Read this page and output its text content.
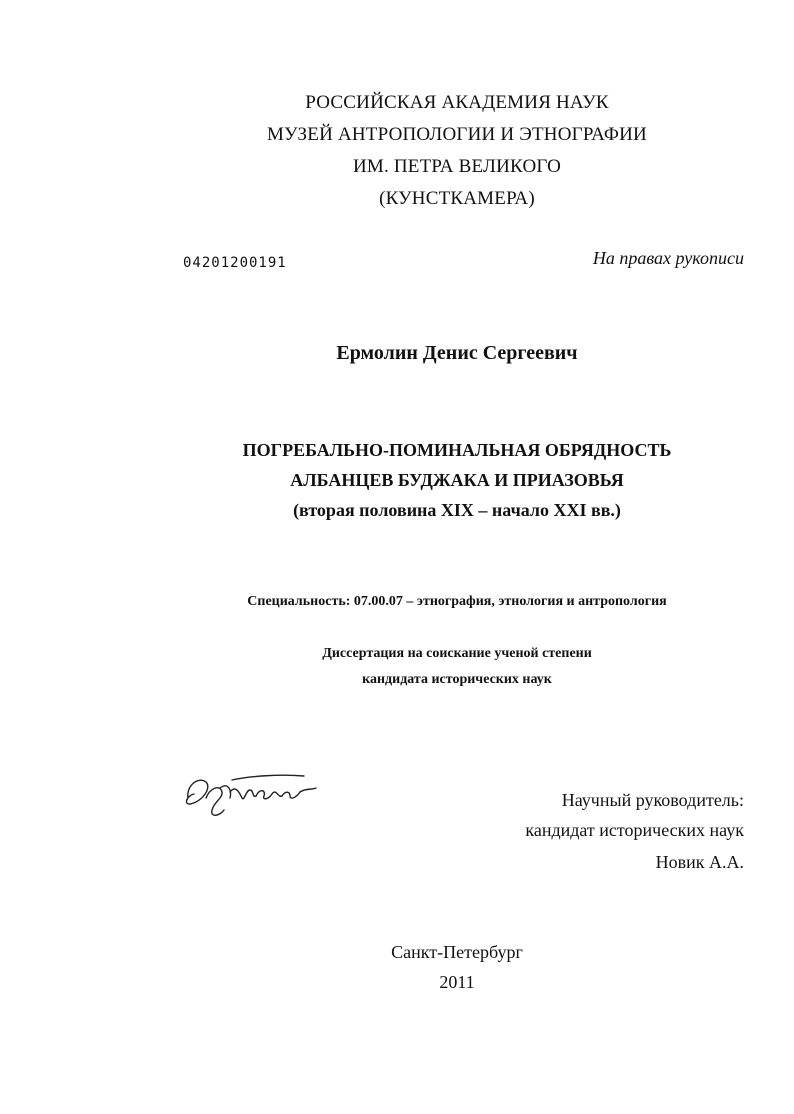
РОССИЙСКАЯ АКАДЕМИЯ НАУК
МУЗЕЙ АНТРОПОЛОГИИ И ЭТНОГРАФИИ
ИМ. ПЕТРА ВЕЛИКОГО
(КУНСТКАМЕРА)
04201200191	На правах рукописи
Ермолин Денис Сергеевич
ПОГРЕБАЛЬНО-ПОМИНАЛЬНАЯ ОБРЯДНОСТЬ
АЛБАНЦЕВ БУДЖАКА И ПРИАЗОВЬЯ
(вторая половина XIX – начало XXI вв.)
Специальность: 07.00.07 – этнография, этнология и антропология
Диссертация на соискание ученой степени
кандидата исторических наук
Научный руководитель:
кандидат исторических наук
Новик А.А.
Санкт-Петербург
2011
